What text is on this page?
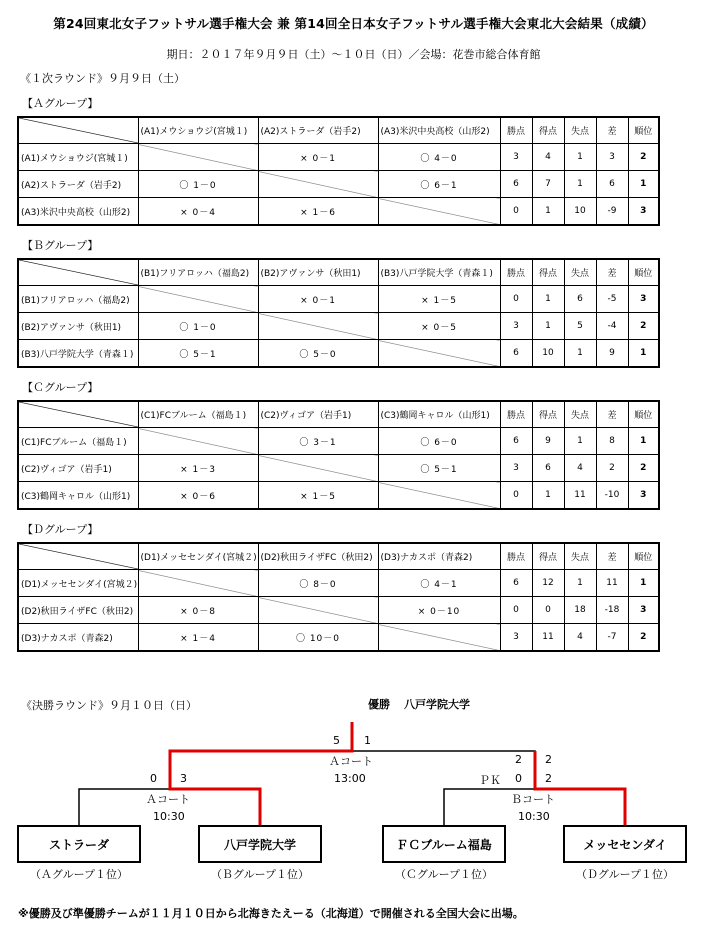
第24回東北女子フットサル選手権大会 兼 第14回全日本女子フットサル選手権大会東北大会結果（成績）
期日：２０１７年９月９日（土）～１０日（日）／会場：花巻市総合体育館
《１次ラウンド》９月９日（土）
【Ａグループ】
	(A1)メウショウジ(宮城１)	(A2)ストラーダ（岩手2)	(A3)米沢中央高校（山形2)	勝点	得点	失点	差	順位
(A1)メウショウジ(宮城１)		× 0－1	〇 4－0	3	4	1	3	2
(A2)ストラーダ（岩手2)	〇 1－0		〇 6－1	6	7	1	6	1
(A3)米沢中央高校（山形2)	× 0－4	× 1－6		0	1	10	-9	3
【Ｂグループ】
	(B1)フリアロッハ（福島2)	(B2)アヴァンサ（秋田1)	(B3)八戸学院大学（青森１)	勝点	得点	失点	差	順位
(B1)フリアロッハ（福島2)		× 0－1	× 1－5	0	1	6	-5	3
(B2)アヴァンサ（秋田1)	〇 1－0		× 0－5	3	1	5	-4	2
(B3)八戸学院大学（青森１)	〇 5－1	〇 5－0		6	10	1	9	1
【Ｃグループ】
	(C1)FCブルーム（福島１)	(C2)ヴィゴア（岩手1)	(C3)鶴岡キャロル（山形1)	勝点	得点	失点	差	順位
(C1)FCブルーム（福島１)		〇 3－1	〇 6－0	6	9	1	8	1
(C2)ヴィゴア（岩手1)	× 1－3		〇 5－1	3	6	4	2	2
(C3)鶴岡キャロル（山形1)	× 0－6	× 1－5		0	1	11	-10	3
【Ｄグループ】
	(D1)メッセセンダイ(宮城２)	(D2)秋田ライザFC（秋田2)	(D3)ナカスポ（青森2)	勝点	得点	失点	差	順位
(D1)メッセセンダイ(宮城２)		〇 8－0	〇 4－1	6	12	1	11	1
(D2)秋田ライザFC（秋田2)	× 0－8		× 0－10	0	0	18	-18	3
(D3)ナカスポ（青森2)	× 1－4	〇 10－0		3	11	4	-7	2
《決勝ラウンド》９月１０日（日）	優勝 八戸学院大学
5 1
Ａコート
13:00
0 3
Ａコート
10:30
2 2
ＰＫ 0 2
Ｂコート
10:30
ストラーダ	八戸学院大学	ＦＣブルーム福島	メッセセンダイ
（Ａグループ１位）	（Ｂグループ１位）	（Ｃグループ１位）	（Ｄグループ１位）
※優勝及び準優勝チームが１１月１０日から北海きたえーる（北海道）で開催される全国大会に出場。
